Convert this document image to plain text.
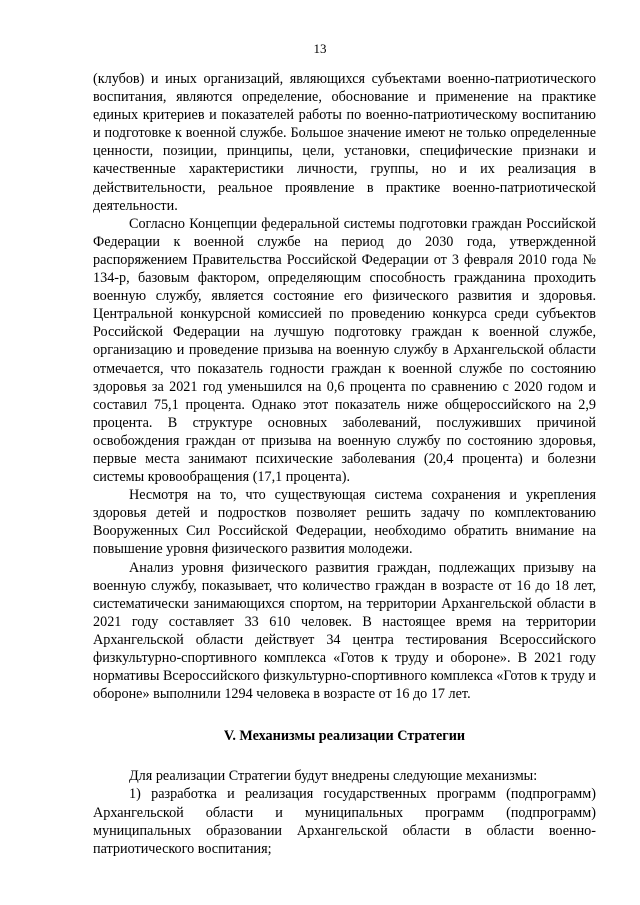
13

(клубов) и иных организаций, являющихся субъектами военно-патриотического воспитания, являются определение, обоснование и применение на практике единых критериев и показателей работы по военно-патриотическому воспитанию и подготовке к военной службе. Большое значение имеют не только определенные ценности, позиции, принципы, цели, установки, специфические признаки и качественные характеристики личности, группы, но и их реализация в действительности, реальное проявление в практике военно-патриотической деятельности.

Согласно Концепции федеральной системы подготовки граждан Российской Федерации к военной службе на период до 2030 года, утвержденной распоряжением Правительства Российской Федерации от 3 февраля 2010 года № 134-р, базовым фактором, определяющим способность гражданина проходить военную службу, является состояние его физического развития и здоровья. Центральной конкурсной комиссией по проведению конкурса среди субъектов Российской Федерации на лучшую подготовку граждан к военной службе, организацию и проведение призыва на военную службу в Архангельской области отмечается, что показатель годности граждан к военной службе по состоянию здоровья за 2021 год уменьшился на 0,6 процента по сравнению с 2020 годом и составил 75,1 процента. Однако этот показатель ниже общероссийского на 2,9 процента. В структуре основных заболеваний, послуживших причиной освобождения граждан от призыва на военную службу по состоянию здоровья, первые места занимают психические заболевания (20,4 процента) и болезни системы кровообращения (17,1 процента).

Несмотря на то, что существующая система сохранения и укрепления здоровья детей и подростков позволяет решить задачу по комплектованию Вооруженных Сил Российской Федерации, необходимо обратить внимание на повышение уровня физического развития молодежи.

Анализ уровня физического развития граждан, подлежащих призыву на военную службу, показывает, что количество граждан в возрасте от 16 до 18 лет, систематически занимающихся спортом, на территории Архангельской области в 2021 году составляет 33 610 человек. В настоящее время на территории Архангельской области действует 34 центра тестирования Всероссийского физкультурно-спортивного комплекса «Готов к труду и обороне». В 2021 году нормативы Всероссийского физкультурно-спортивного комплекса «Готов к труду и обороне» выполнили 1294 человека в возрасте от 16 до 17 лет.

V. Механизмы реализации Стратегии

Для реализации Стратегии будут внедрены следующие механизмы:

1) разработка и реализация государственных программ (подпрограмм) Архангельской области и муниципальных программ (подпрограмм) муниципальных образовании Архангельской области в области военно-патриотического воспитания;
